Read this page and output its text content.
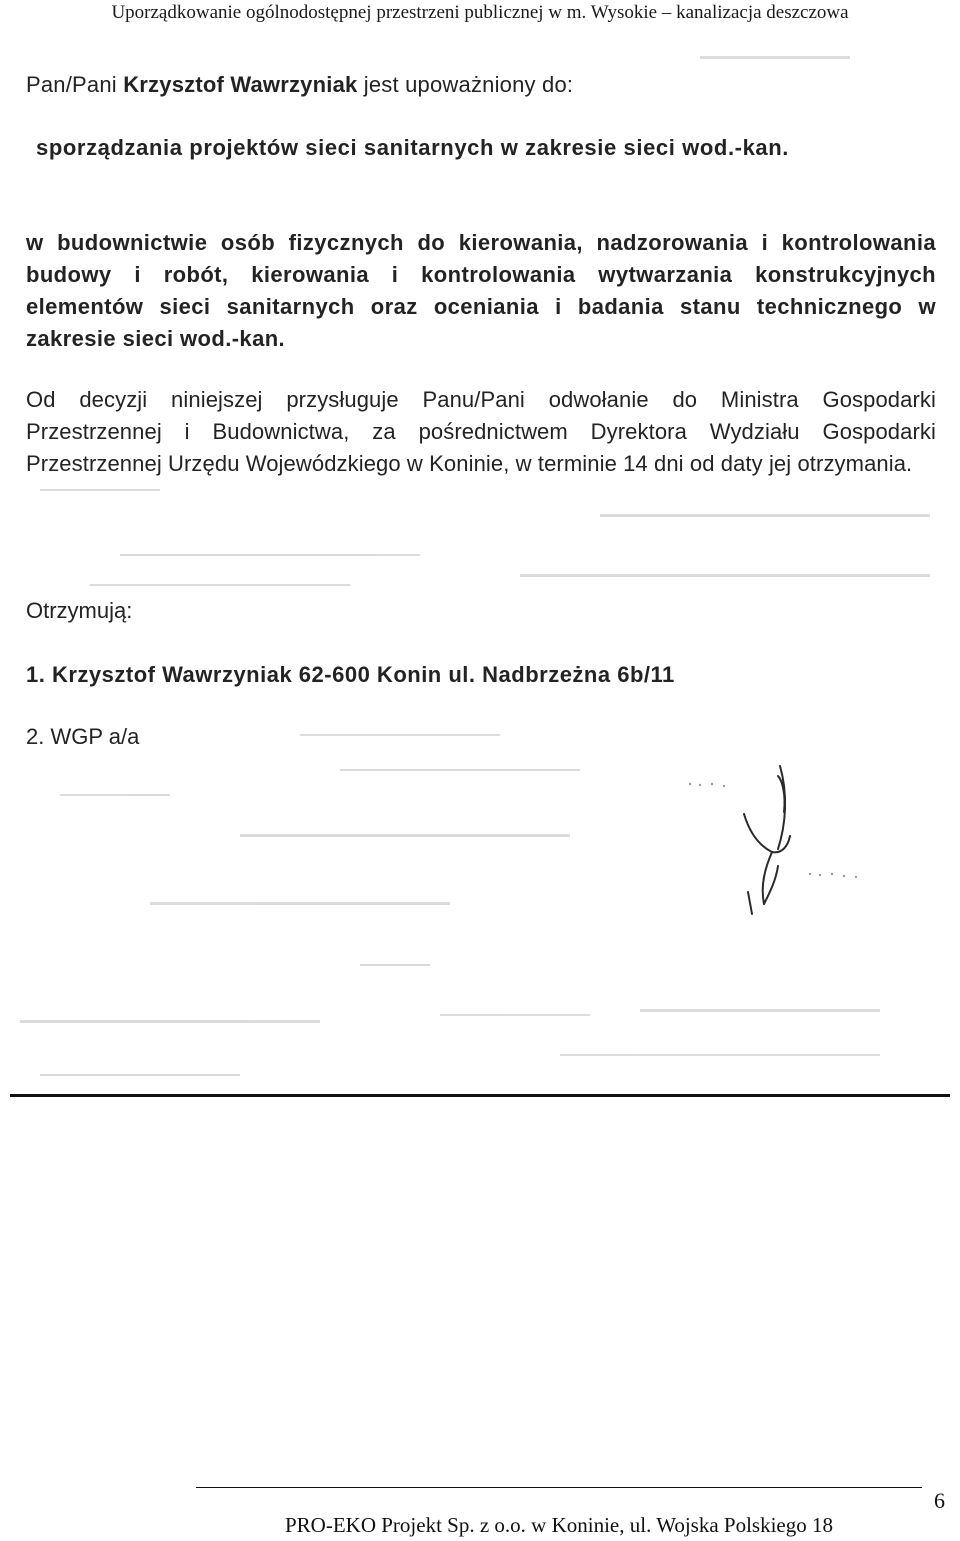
Uporządkowanie ogólnodostępnej przestrzeni publicznej w m. Wysokie – kanalizacja deszczowa
Pan/Pani Krzysztof Wawrzyniak jest upoważniony do:
sporządzania projektów sieci sanitarnych w zakresie sieci wod.-kan.
w budownictwie osób fizycznych do kierowania, nadzorowania i kontrolowania budowy i robót, kierowania i kontrolowania wytwarzania konstrukcyjnych elementów sieci sanitarnych oraz oceniania i badania stanu technicznego w zakresie sieci wod.-kan.
Od decyzji niniejszej przysługuje Panu/Pani odwołanie do Ministra Gospodarki Przestrzennej i Budownictwa, za pośrednictwem Dyrektora Wydziału Gospodarki Przestrzennej Urzędu Wojewódzkiego w Koninie, w terminie 14 dni od daty jej otrzymania.
Otrzymują:
1. Krzysztof Wawrzyniak 62-600 Konin ul. Nadbrzeżna 6b/11
2. WGP a/a
PRO-EKO Projekt Sp. z o.o. w Koninie, ul. Wojska Polskiego 18
6
